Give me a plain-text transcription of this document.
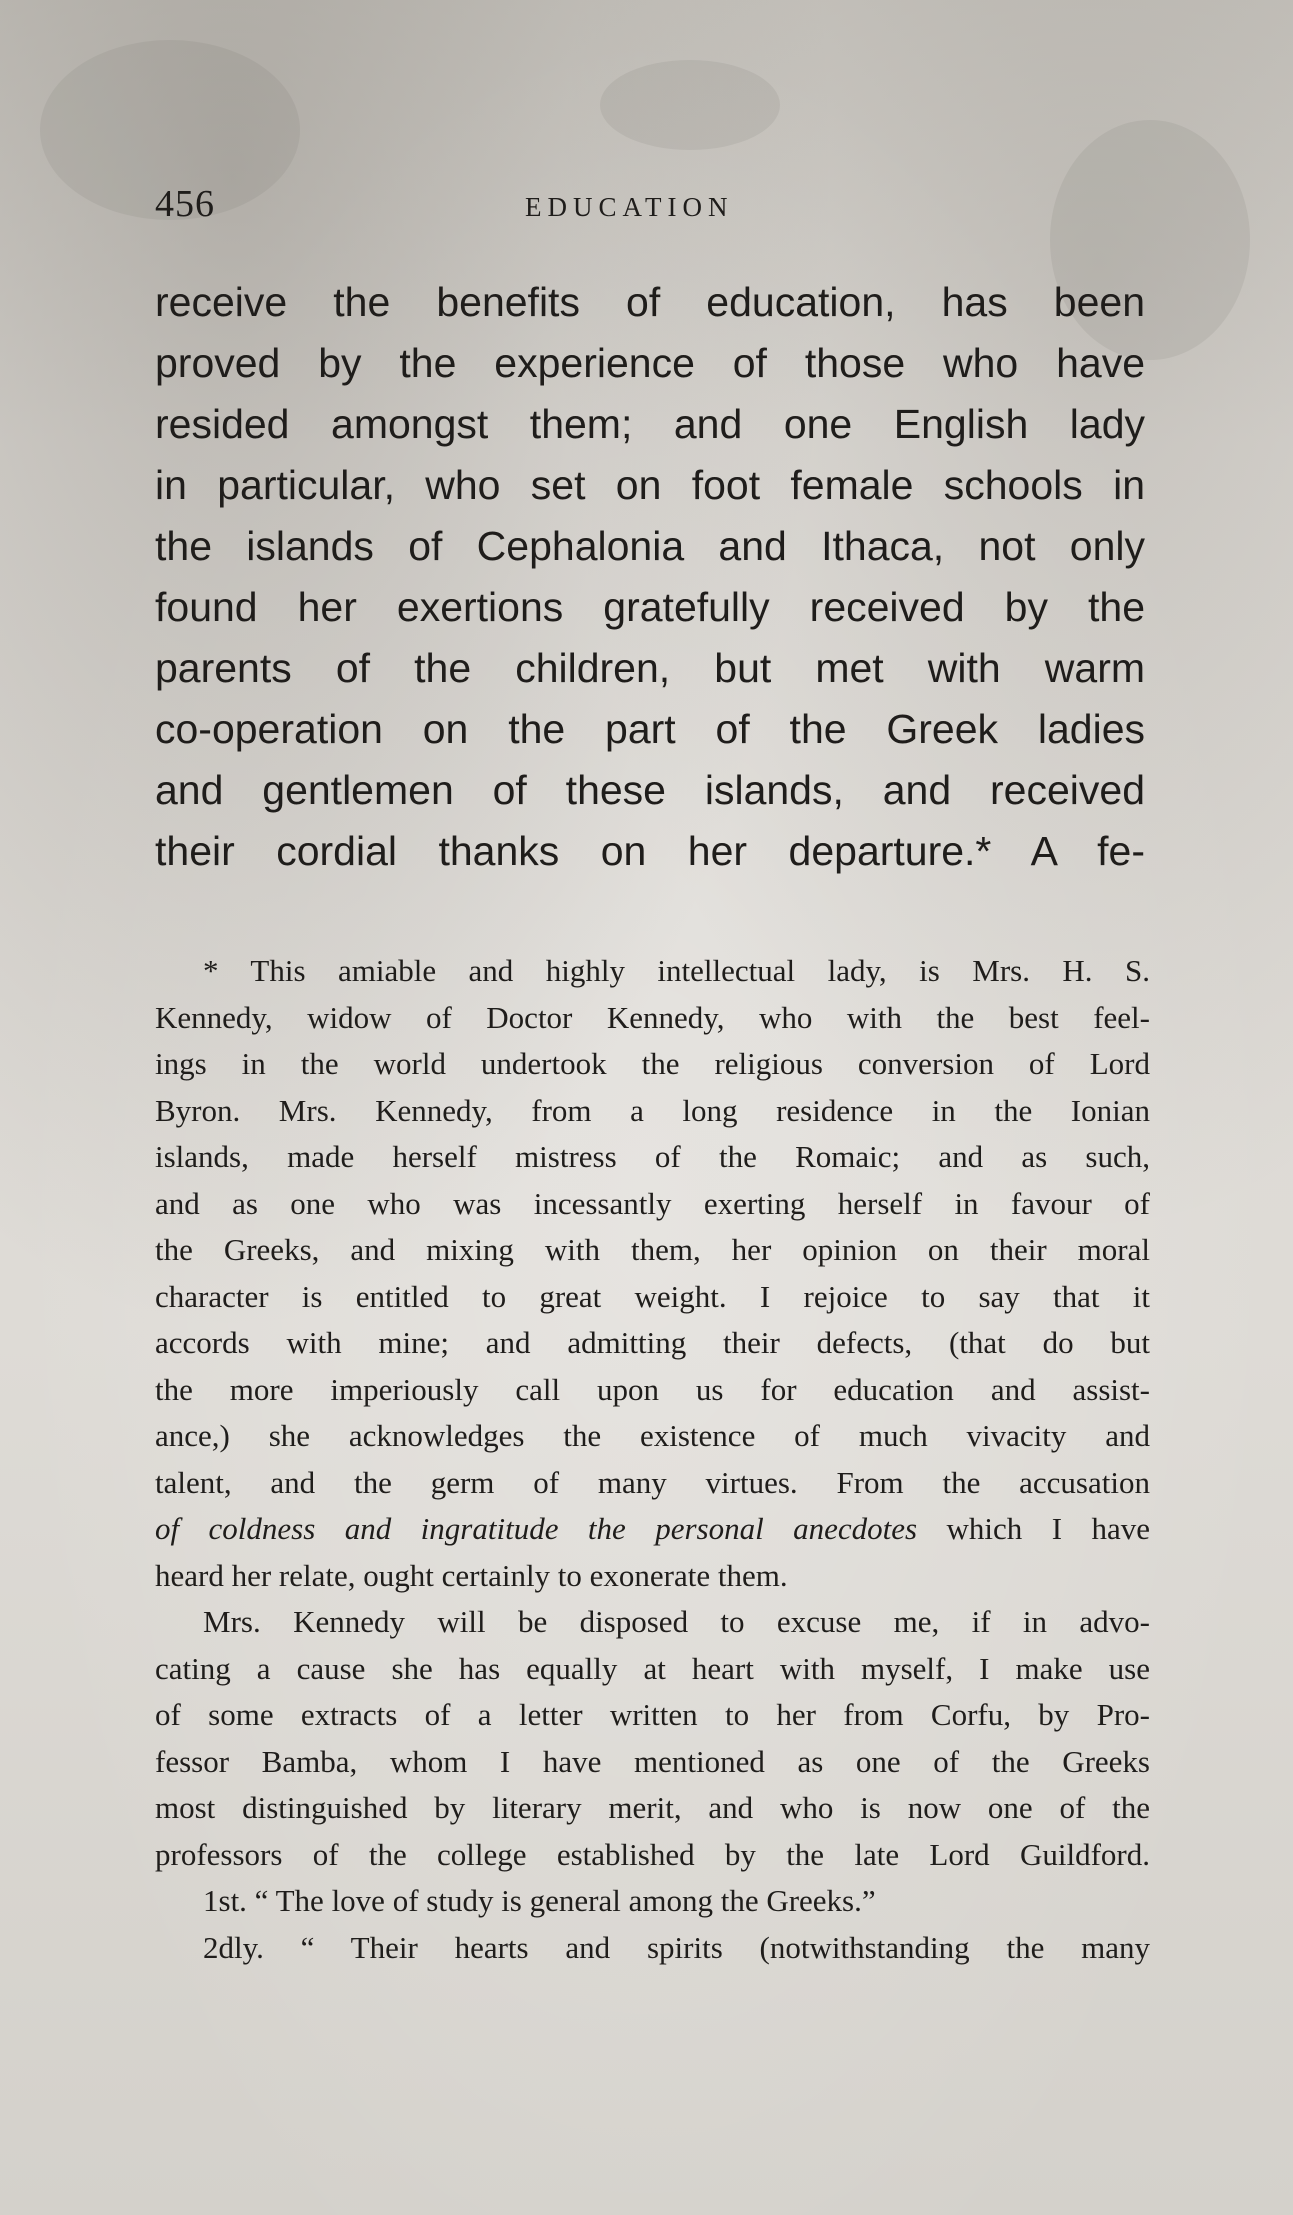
456	EDUCATION
receive the benefits of education, has been
proved by the experience of those who have
resided amongst them; and one English lady
in particular, who set on foot female schools in
the islands of Cephalonia and Ithaca, not only
found her exertions gratefully received by the
parents of the children, but met with warm
co-operation on the part of the Greek ladies
and gentlemen of these islands, and received
their cordial thanks on her departure.* A fe-
* This amiable and highly intellectual lady, is Mrs. H. S.
Kennedy, widow of Doctor Kennedy, who with the best feel-
ings in the world undertook the religious conversion of Lord
Byron. Mrs. Kennedy, from a long residence in the Ionian
islands, made herself mistress of the Romaic; and as such,
and as one who was incessantly exerting herself in favour of
the Greeks, and mixing with them, her opinion on their moral
character is entitled to great weight. I rejoice to say that it
accords with mine; and admitting their defects, (that do but
the more imperiously call upon us for education and assist-
ance,) she acknowledges the existence of much vivacity and
talent, and the germ of many virtues. From the accusation
of coldness and ingratitude the personal anecdotes which I have
heard her relate, ought certainly to exonerate them.
Mrs. Kennedy will be disposed to excuse me, if in advo-
cating a cause she has equally at heart with myself, I make use
of some extracts of a letter written to her from Corfu, by Pro-
fessor Bamba, whom I have mentioned as one of the Greeks
most distinguished by literary merit, and who is now one of the
professors of the college established by the late Lord Guildford.
1st. “ The love of study is general among the Greeks.”
2dly. “ Their hearts and spirits (notwithstanding the many
